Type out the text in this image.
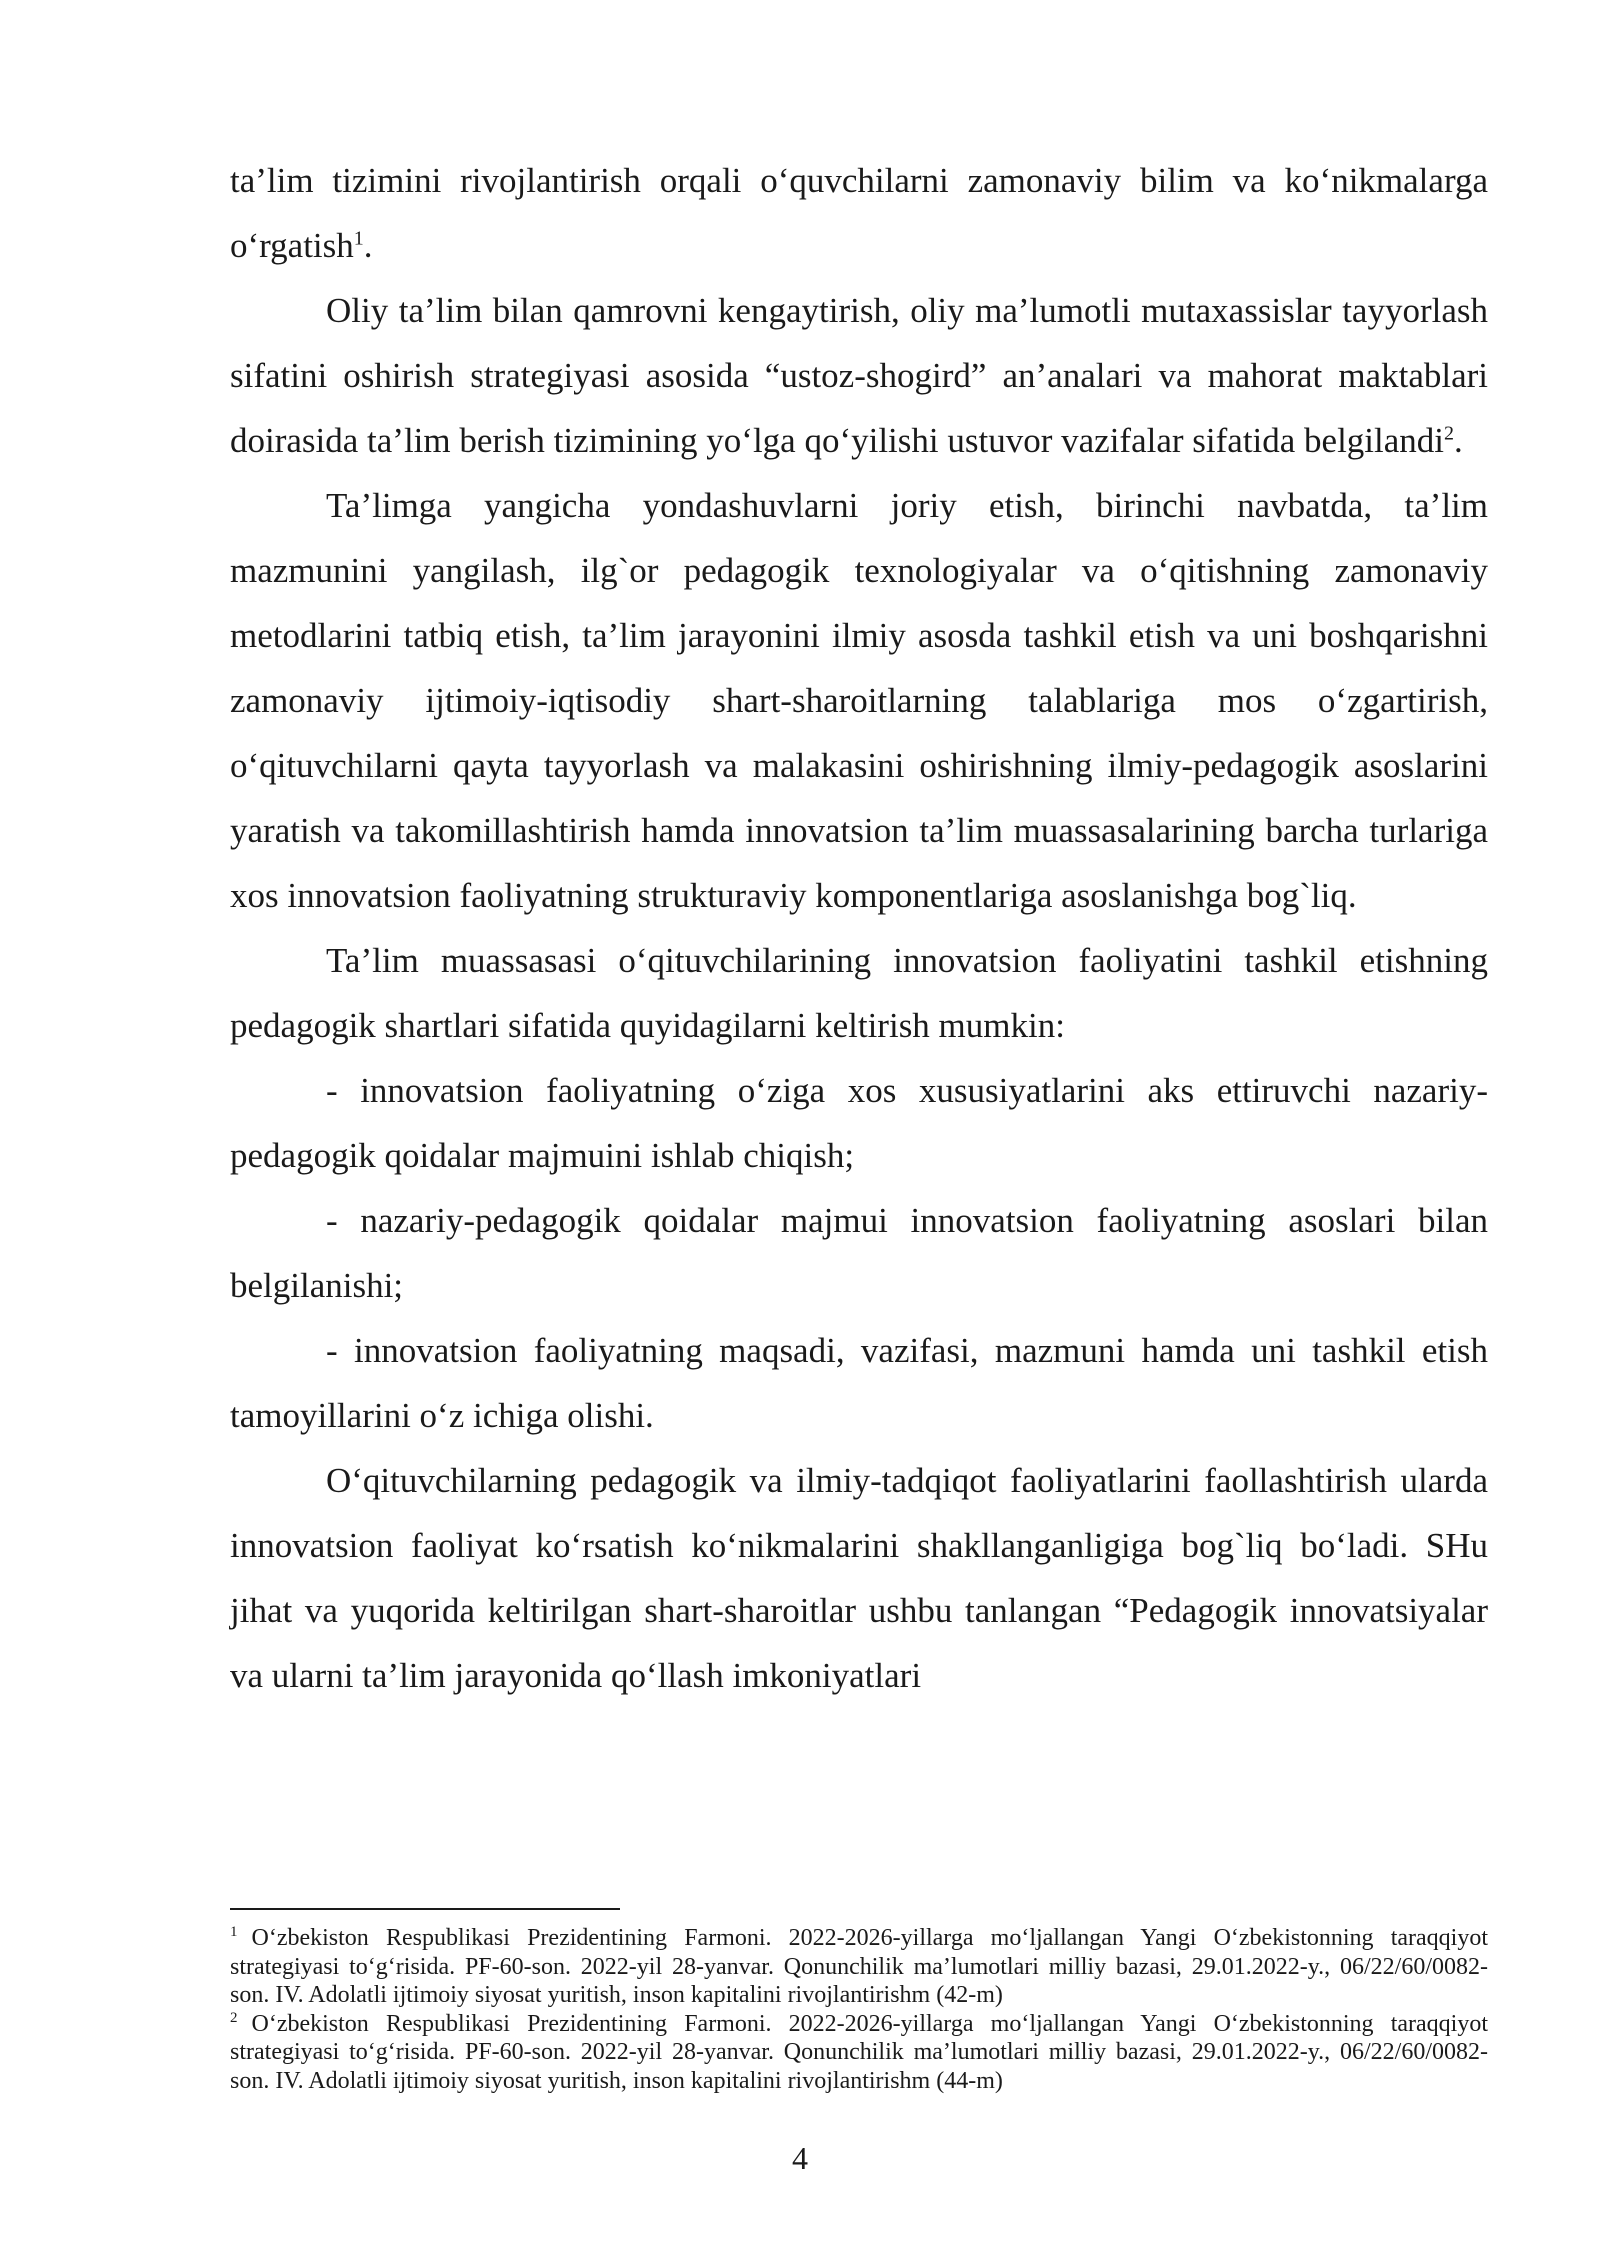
ta’lim tizimini rivojlantirish orqali o‘quvchilarni zamonaviy bilim va ko‘nikmalarga o‘rgatish$^1$.

Oliy ta’lim bilan qamrovni kengaytirish, oliy ma’lumotli mutaxassislar tayyorlash sifatini oshirish strategiyasi asosida “ustoz-shogird” an’analari va mahorat maktablari doirasida ta’lim berish tizimining yo‘lga qo‘yilishi ustuvor vazifalar sifatida belgilandi$^2$.

Ta’limga yangicha yondashuvlarni joriy etish, birinchi navbatda, ta’lim mazmunini yangilash, ilg`or pedagogik texnologiyalar va o‘qitishning zamonaviy metodlarini tatbiq etish, ta’lim jarayonini ilmiy asosda tashkil etish va uni boshqarishni zamonaviy ijtimoiy-iqtisodiy shart-sharoitlarning talablariga mos o‘zgartirish, o‘qituvchilarni qayta tayyorlash va malakasini oshirishning ilmiy-pedagogik asoslarini yaratish va takomillashtirish hamda innovatsion ta’lim muassasalarining barcha turlariga xos innovatsion faoliyatning strukturaviy komponentlariga asoslanishga bog`liq.

Ta’lim muassasasi o‘qituvchilarining innovatsion faoliyatini tashkil etishning pedagogik shartlari sifatida quyidagilarni keltirish mumkin:

- innovatsion faoliyatning o‘ziga xos xususiyatlarini aks ettiruvchi nazariy-pedagogik qoidalar majmuini ishlab chiqish;

- nazariy-pedagogik qoidalar majmui innovatsion faoliyatning asoslari bilan belgilanishi;

- innovatsion faoliyatning maqsadi, vazifasi, mazmuni hamda uni tashkil etish tamoyillarini o‘z ichiga olishi.

O‘qituvchilarning pedagogik va ilmiy-tadqiqot faoliyatlarini faollashtirish ularda innovatsion faoliyat ko‘rsatish ko‘nikmalarini shakllanganligiga bog`liq bo‘ladi. SHu jihat va yuqorida keltirilgan shart-sharoitlar ushbu tanlangan “Pedagogik innovatsiyalar va ularni ta’lim jarayonida qo‘llash imkoniyatlari

$^1$ O‘zbekiston Respublikasi Prezidentining Farmoni. 2022-2026-yillarga mo‘ljallangan Yangi O‘zbekistonning taraqqiyot strategiyasi to‘g‘risida. PF-60-son. 2022-yil 28-yanvar. Qonunchilik ma’lumotlari milliy bazasi, 29.01.2022-y., 06/22/60/0082-son. IV. Adolatli ijtimoiy siyosat yuritish, inson kapitalini rivojlantirishm (42-m)

$^2$ O‘zbekiston Respublikasi Prezidentining Farmoni. 2022-2026-yillarga mo‘ljallangan Yangi O‘zbekistonning taraqqiyot strategiyasi to‘g‘risida. PF-60-son. 2022-yil 28-yanvar. Qonunchilik ma’lumotlari milliy bazasi, 29.01.2022-y., 06/22/60/0082-son. IV. Adolatli ijtimoiy siyosat yuritish, inson kapitalini rivojlantirishm (44-m)

4
